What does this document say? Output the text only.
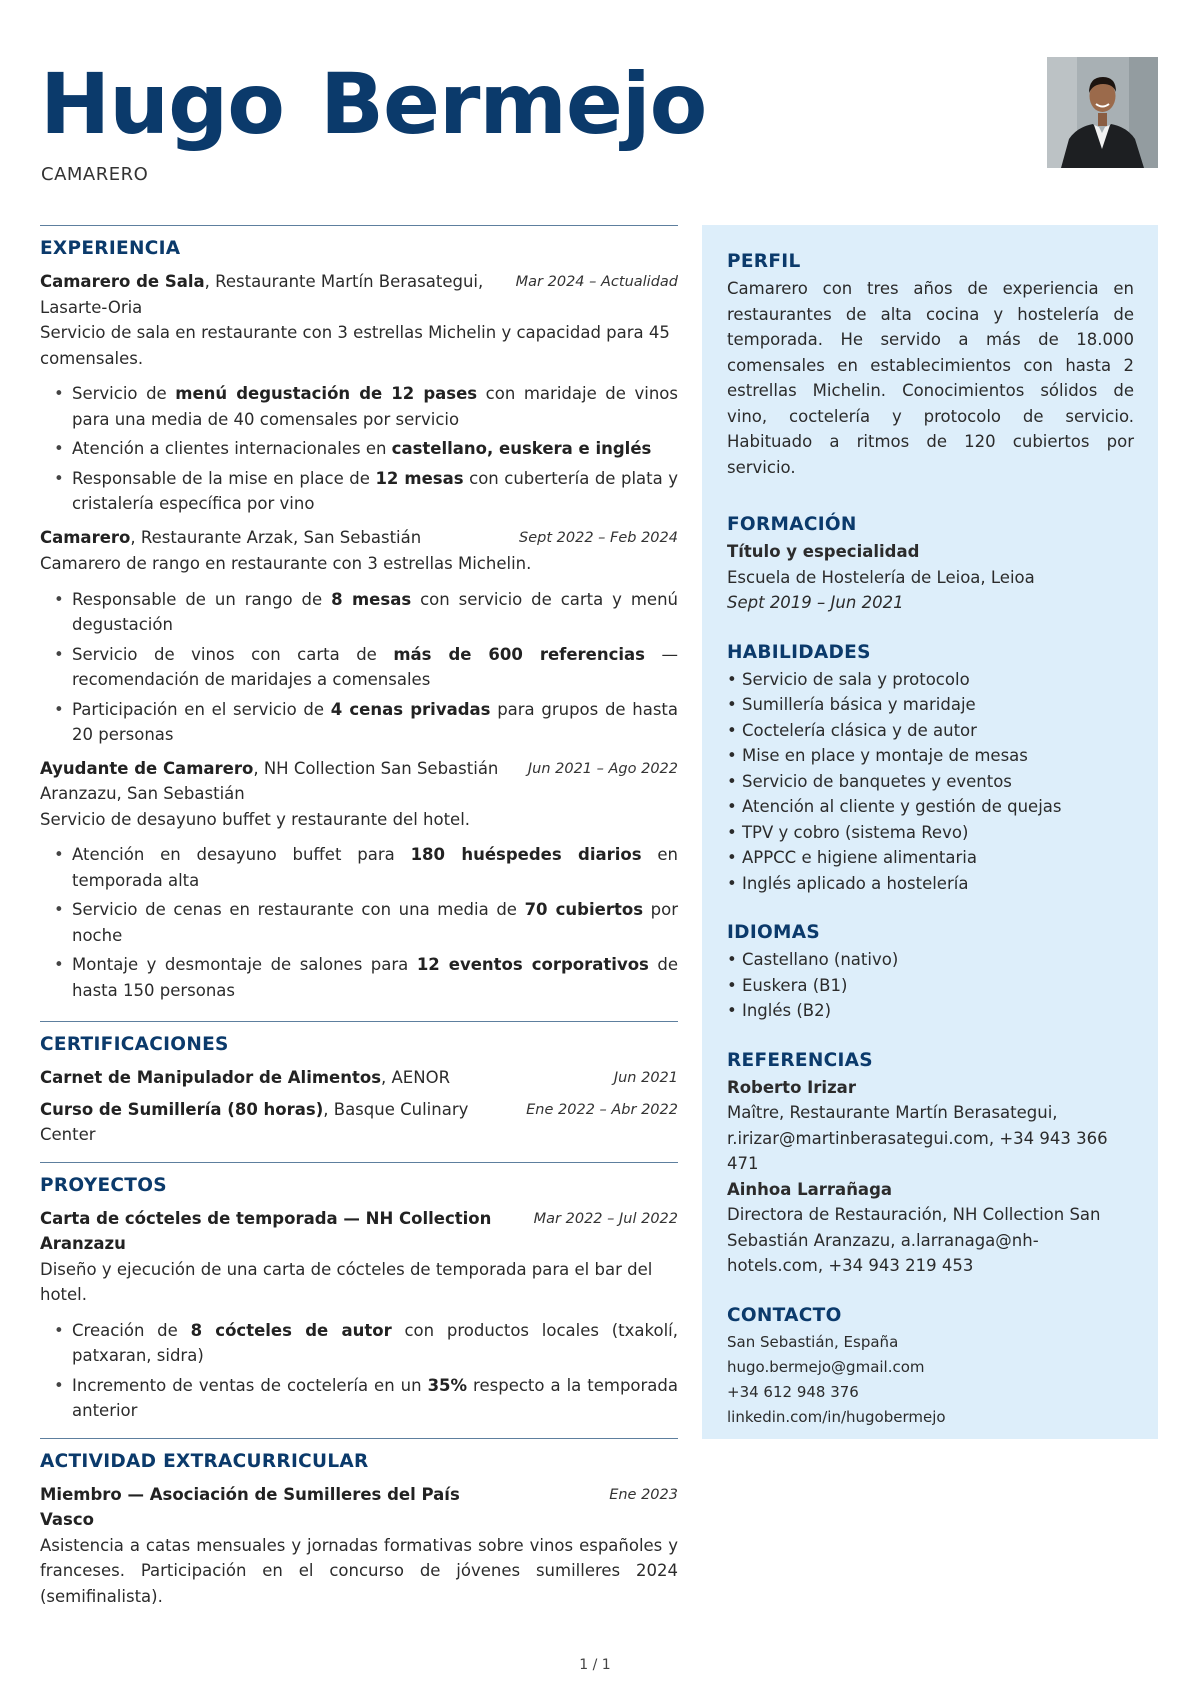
Hugo Bermejo
CAMARERO
EXPERIENCIA
Camarero de Sala, Restaurante Martín Berasategui, Lasarte-Oria
Mar 2024 – Actualidad
Servicio de sala en restaurante con 3 estrellas Michelin y capacidad para 45 comensales.
• Servicio de menú degustación de 12 pases con maridaje de vinos para una media de 40 comensales por servicio
• Atención a clientes internacionales en castellano, euskera e inglés
• Responsable de la mise en place de 12 mesas con cubertería de plata y cristalería específica por vino
Camarero, Restaurante Arzak, San Sebastián	Sept 2022 – Feb 2024
Camarero de rango en restaurante con 3 estrellas Michelin.
• Responsable de un rango de 8 mesas con servicio de carta y menú degustación
• Servicio de vinos con carta de más de 600 referencias — recomendación de maridajes a comensales
• Participación en el servicio de 4 cenas privadas para grupos de hasta 20 personas
Ayudante de Camarero, NH Collection San Sebastián Aranzazu, San Sebastián
Jun 2021 – Ago 2022
Servicio de desayuno buffet y restaurante del hotel.
• Atención en desayuno buffet para 180 huéspedes diarios en temporada alta
• Servicio de cenas en restaurante con una media de 70 cubiertos por noche
• Montaje y desmontaje de salones para 12 eventos corporativos de hasta 150 personas
CERTIFICACIONES
Carnet de Manipulador de Alimentos, AENOR	Jun 2021
Curso de Sumillería (80 horas), Basque Culinary Center
Ene 2022 – Abr 2022
PROYECTOS
Carta de cócteles de temporada — NH Collection Aranzazu
Mar 2022 – Jul 2022
Diseño y ejecución de una carta de cócteles de temporada para el bar del hotel.
• Creación de 8 cócteles de autor con productos locales (txakolí, patxaran, sidra)
• Incremento de ventas de coctelería en un 35% respecto a la temporada anterior
ACTIVIDAD EXTRACURRICULAR
Miembro — Asociación de Sumilleres del País Vasco
Ene 2023
Asistencia a catas mensuales y jornadas formativas sobre vinos españoles y franceses. Participación en el concurso de jóvenes sumilleres 2024 (semifinalista).
PERFIL
Camarero con tres años de experiencia en restaurantes de alta cocina y hostelería de temporada. He servido a más de 18.000 comensales en establecimientos con hasta 2 estrellas Michelin. Conocimientos sólidos de vino, coctelería y protocolo de servicio. Habituado a ritmos de 120 cubiertos por servicio.
FORMACIÓN
Título y especialidad
Escuela de Hostelería de Leioa, Leioa
Sept 2019 – Jun 2021
HABILIDADES
• Servicio de sala y protocolo
• Sumillería básica y maridaje
• Coctelería clásica y de autor
• Mise en place y montaje de mesas
• Servicio de banquetes y eventos
• Atención al cliente y gestión de quejas
• TPV y cobro (sistema Revo)
• APPCC e higiene alimentaria
• Inglés aplicado a hostelería
IDIOMAS
• Castellano (nativo)
• Euskera (B1)
• Inglés (B2)
REFERENCIAS
Roberto Irizar
Maître, Restaurante Martín Berasategui, r.irizar@martinberasategui.com, +34 943 366 471
Ainhoa Larrañaga
Directora de Restauración, NH Collection San Sebastián Aranzazu, a.larranaga@nh-hotels.com, +34 943 219 453
CONTACTO
San Sebastián, España
hugo.bermejo@gmail.com
+34 612 948 376
linkedin.com/in/hugobermejo
1 / 1
